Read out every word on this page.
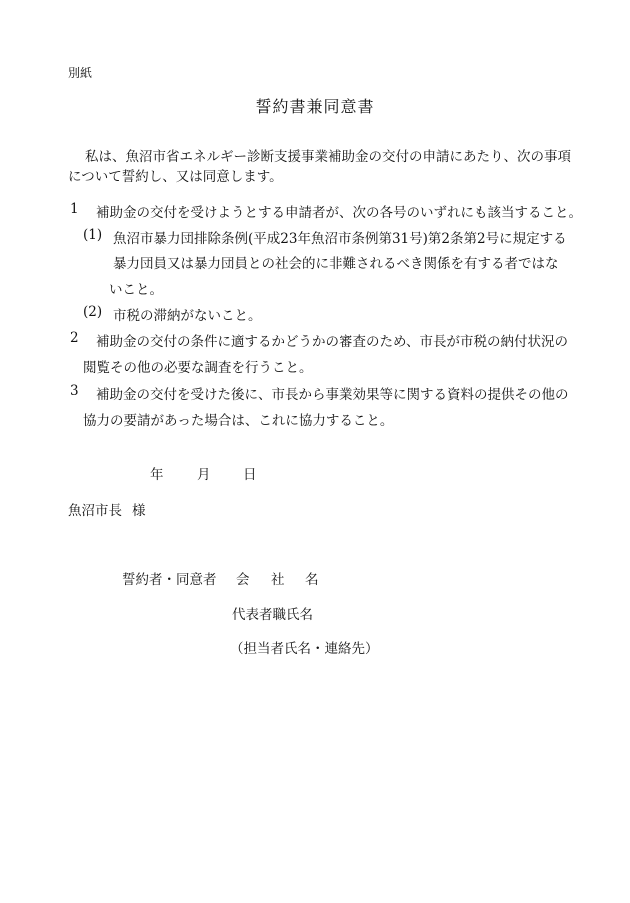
別紙
誓約書兼同意書
私は、魚沼市省エネルギー診断支援事業補助金の交付の申請にあたり、次の事項
について誓約し、又は同意します。
1 補助金の交付を受けようとする申請者が、次の各号のいずれにも該当すること。
(1) 魚沼市暴力団排除条例(平成23年魚沼市条例第31号)第2条第2号に規定する
暴力団員又は暴力団員との社会的に非難されるべき関係を有する者ではな
いこと。
(2) 市税の滞納がないこと。
2 補助金の交付の条件に適するかどうかの審査のため、市長が市税の納付状況の
閲覧その他の必要な調査を行うこと。
3 補助金の交付を受けた後に、市長から事業効果等に関する資料の提供その他の
協力の要請があった場合は、これに協力すること。
年 月 日
魚沼市長 様
誓約者・同意者 会 社 名
代表者職氏名
（担当者氏名・連絡先）
